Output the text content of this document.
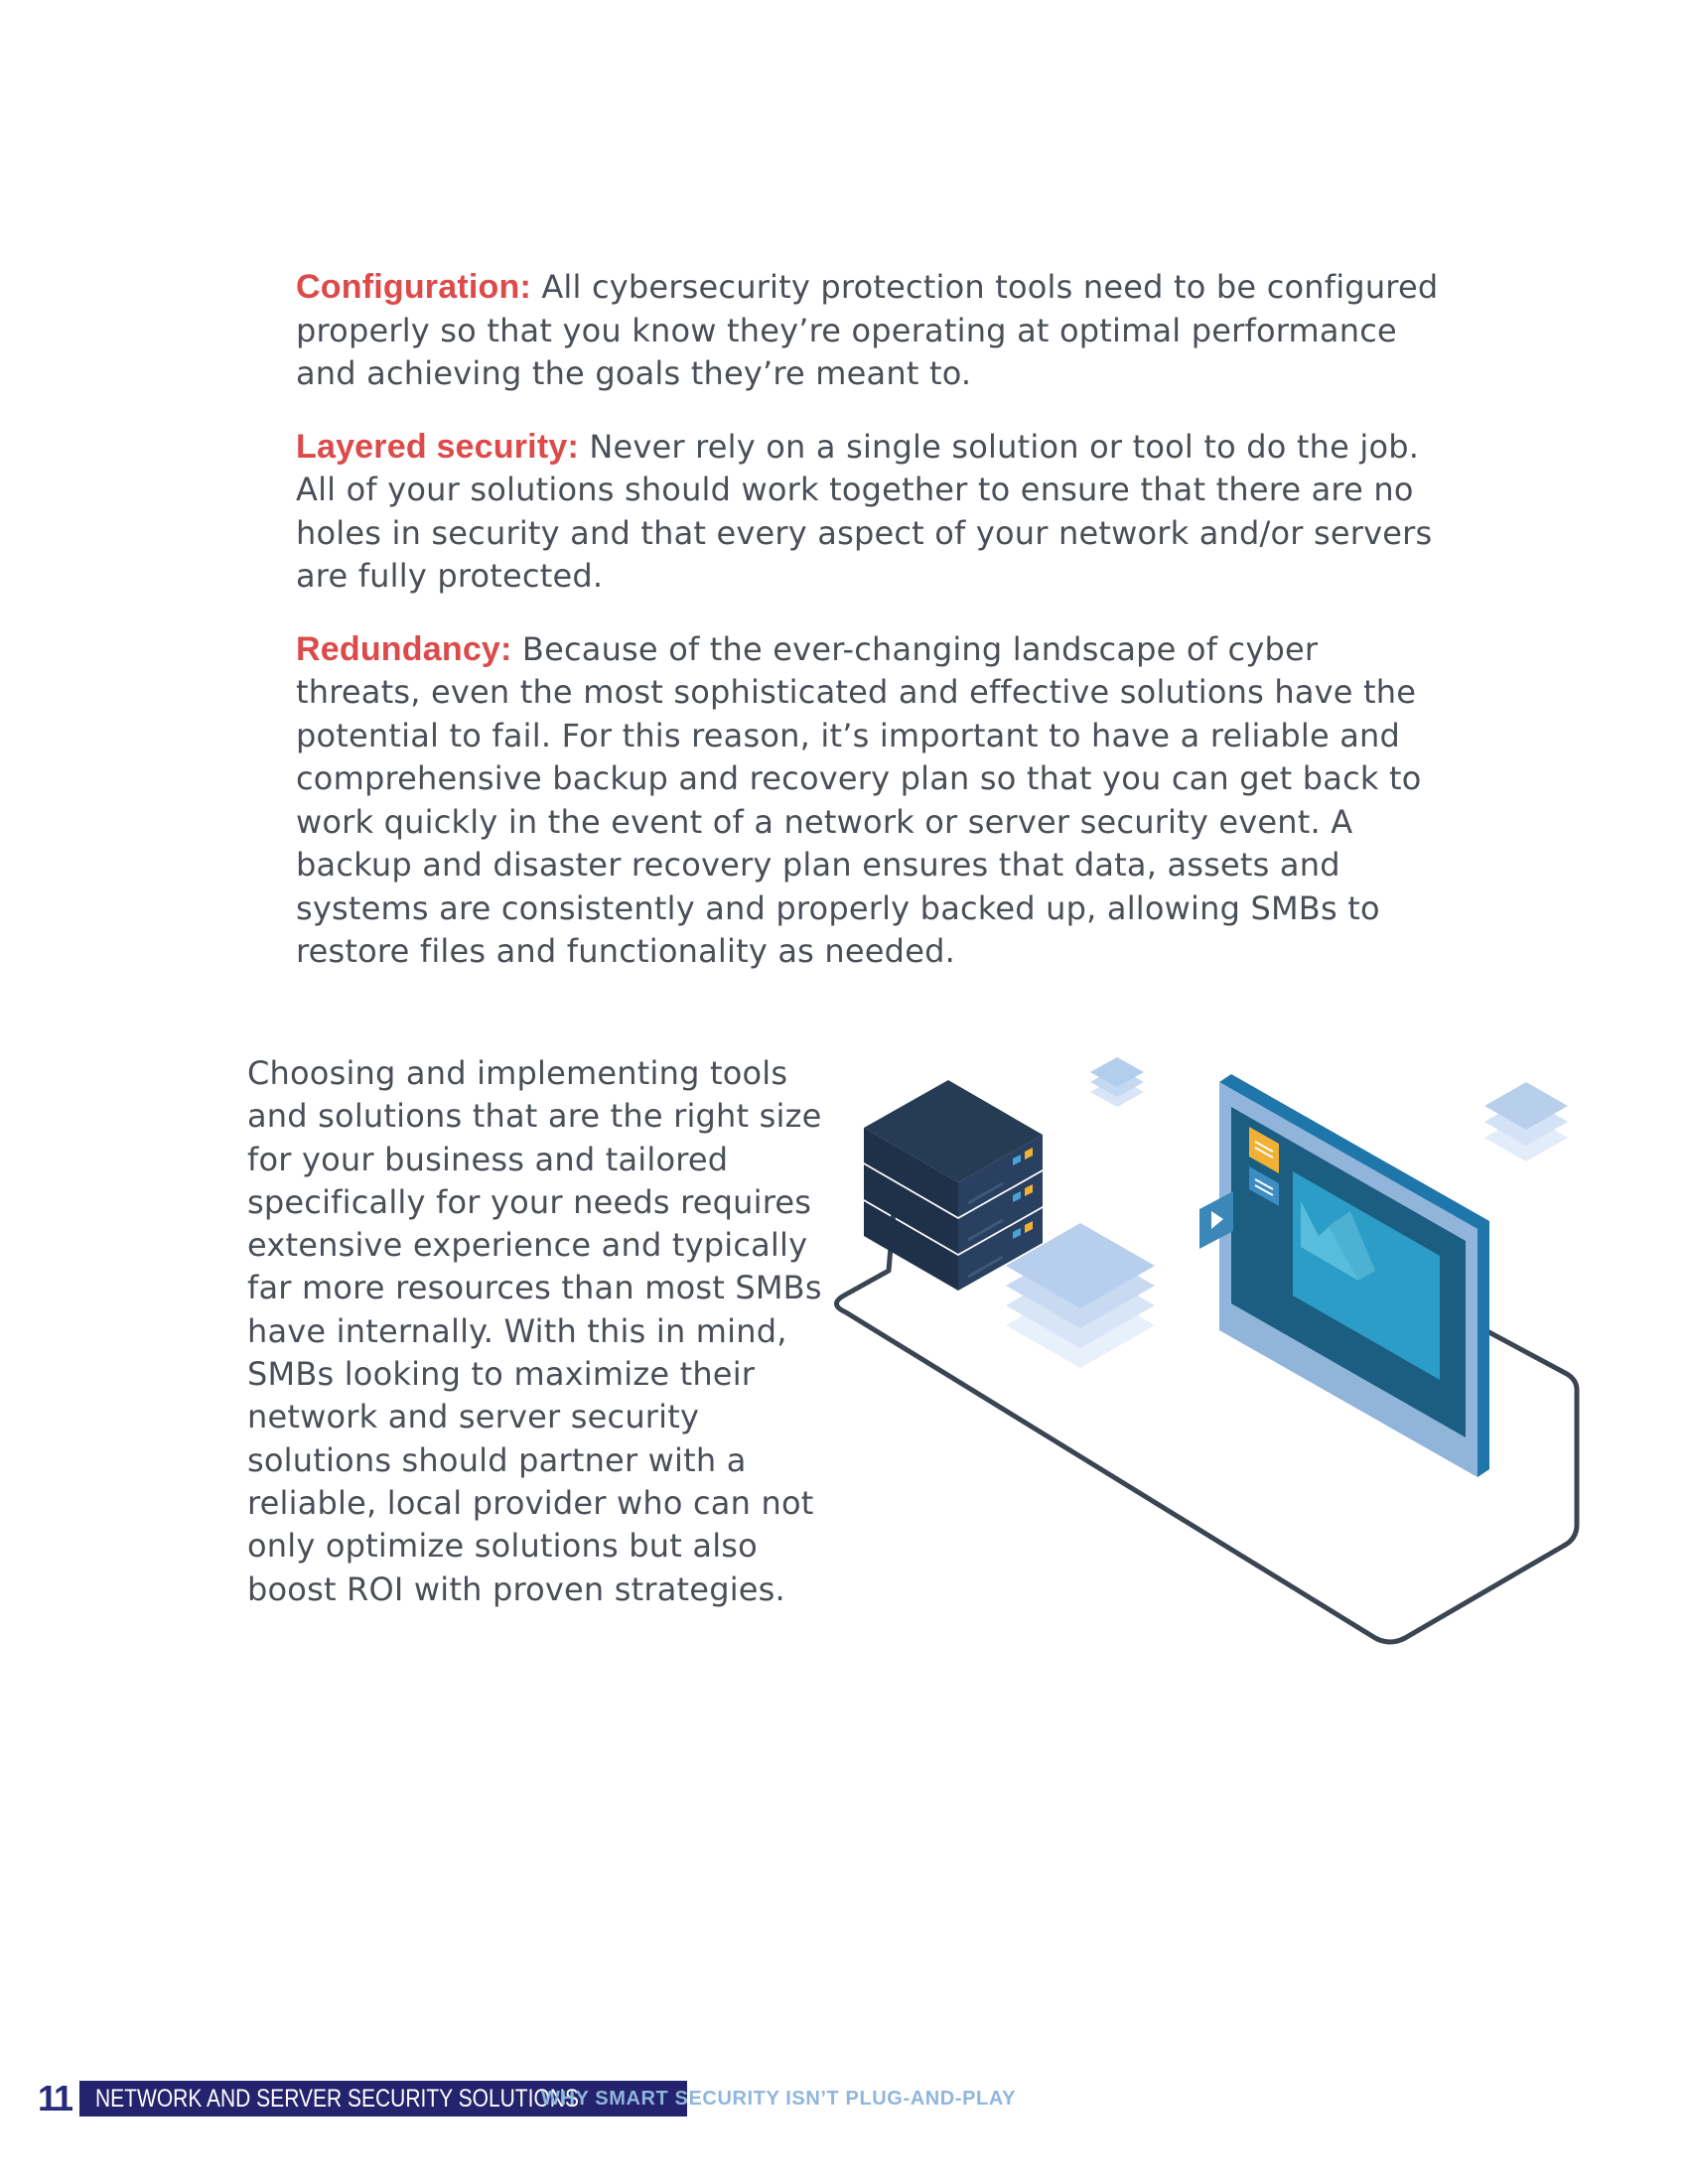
Configuration: All cybersecurity protection tools need to be configured properly so that you know they’re operating at optimal performance and achieving the goals they’re meant to.

Layered security: Never rely on a single solution or tool to do the job. All of your solutions should work together to ensure that there are no holes in security and that every aspect of your network and/or servers are fully protected.

Redundancy: Because of the ever-changing landscape of cyber threats, even the most sophisticated and effective solutions have the potential to fail. For this reason, it’s important to have a reliable and comprehensive backup and recovery plan so that you can get back to work quickly in the event of a network or server security event. A backup and disaster recovery plan ensures that data, assets and systems are consistently and properly backed up, allowing SMBs to restore files and functionality as needed.

Choosing and implementing tools and solutions that are the right size for your business and tailored specifically for your needs requires extensive experience and typically far more resources than most SMBs have internally. With this in mind, SMBs looking to maximize their network and server security solutions should partner with a reliable, local provider who can not only optimize solutions but also boost ROI with proven strategies.

11 NETWORK AND SERVER SECURITY SOLUTIONS
WHY SMART SECURITY ISN’T PLUG-AND-PLAY
